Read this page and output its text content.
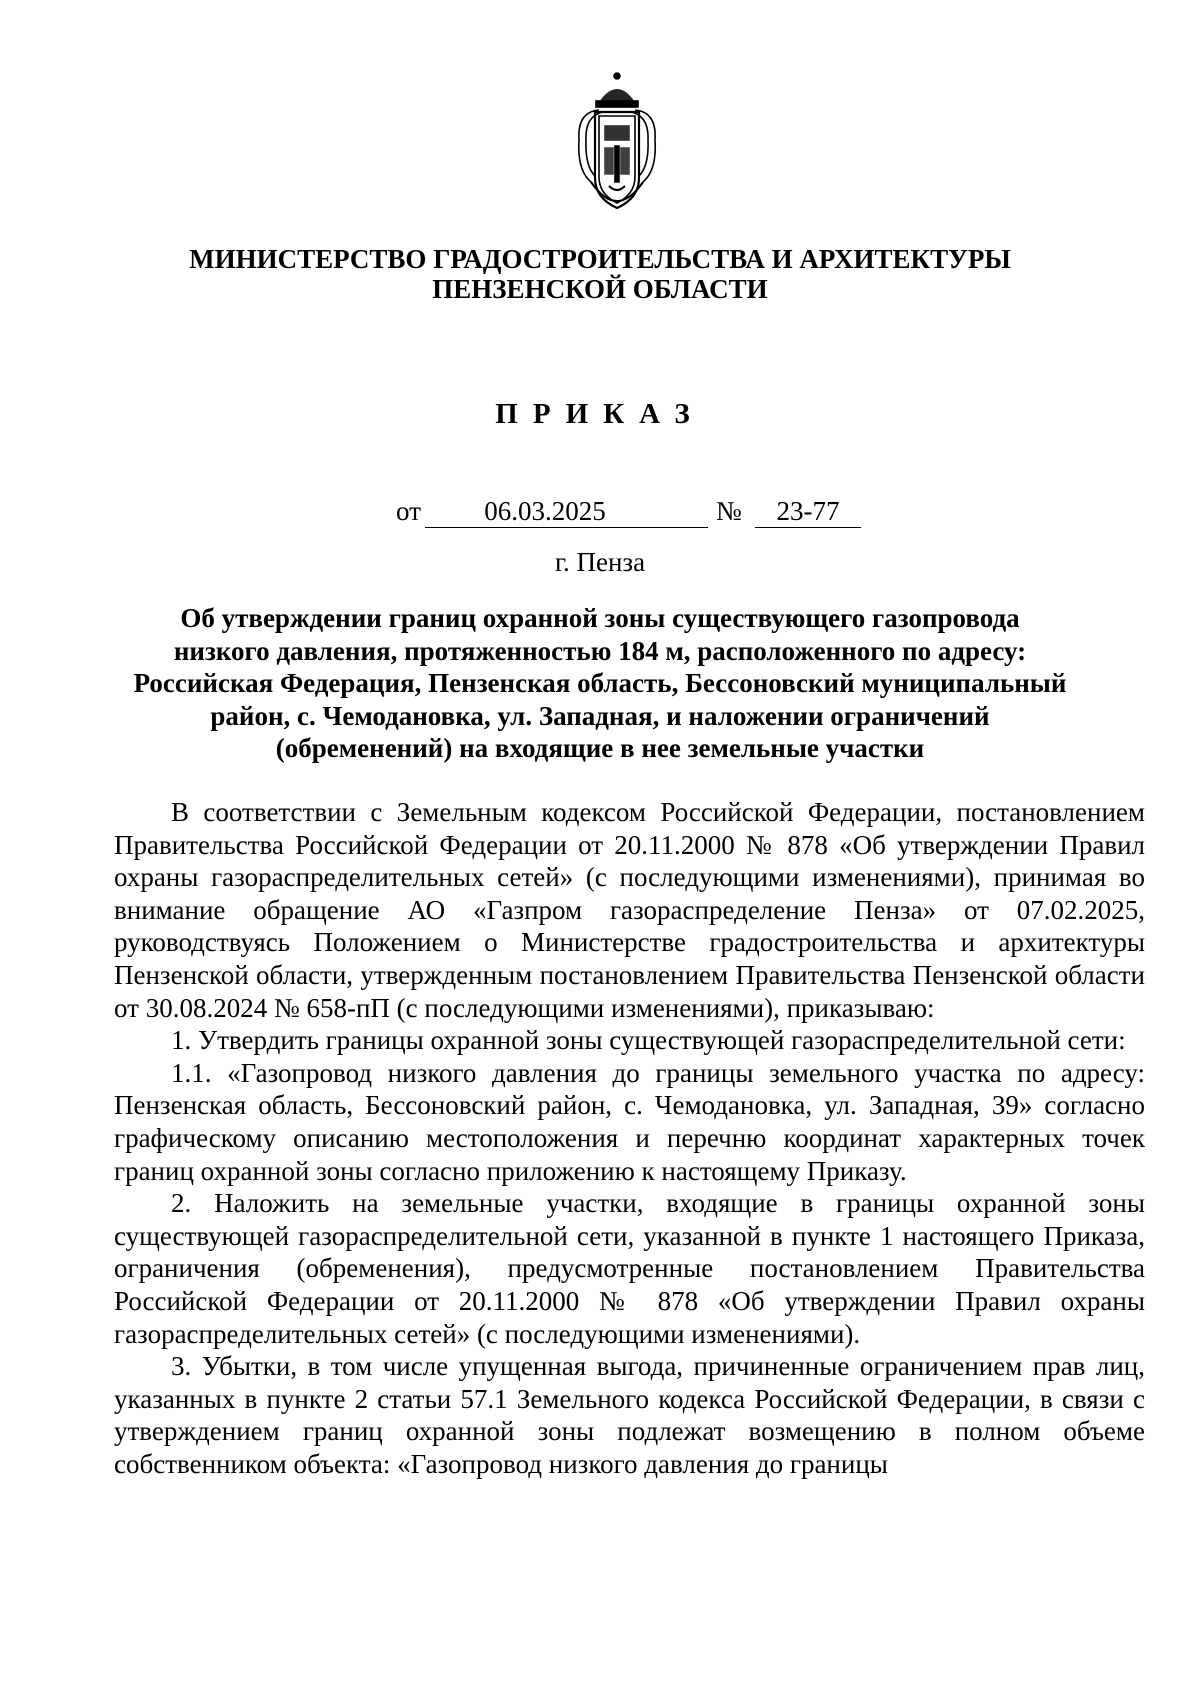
МИНИСТЕРСТВО ГРАДОСТРОИТЕЛЬСТВА И АРХИТЕКТУРЫ
ПЕНЗЕНСКОЙ ОБЛАСТИ
ПРИКАЗ
от	06.03.2025	№	23-77
г. Пенза
Об утверждении границ охранной зоны существующего газопровода низкого давления, протяженностью 184 м, расположенного по адресу: Российская Федерация, Пензенская область, Бессоновский муниципальный район, с. Чемодановка, ул. Западная, и наложении ограничений (обременений) на входящие в нее земельные участки

В соответствии с Земельным кодексом Российской Федерации, постановлением Правительства Российской Федерации от 20.11.2000 № 878 «Об утверждении Правил охраны газораспределительных сетей» (с последующими изменениями), принимая во внимание обращение АО «Газпром газораспределение Пенза» от 07.02.2025, руководствуясь Положением о Министерстве градостроительства и архитектуры Пензенской области, утвержденным постановлением Правительства Пензенской области от 30.08.2024 № 658-пП (с последующими изменениями), приказываю:

1. Утвердить границы охранной зоны существующей газораспределительной сети:

1.1. «Газопровод низкого давления до границы земельного участка по адресу: Пензенская область, Бессоновский район, с. Чемодановка, ул. Западная, 39» согласно графическому описанию местоположения и перечню координат характерных точек границ охранной зоны согласно приложению к настоящему Приказу.

2. Наложить на земельные участки, входящие в границы охранной зоны существующей газораспределительной сети, указанной в пункте 1 настоящего Приказа, ограничения (обременения), предусмотренные постановлением Правительства Российской Федерации от 20.11.2000 № 878 «Об утверждении Правил охраны газораспределительных сетей» (с последующими изменениями).

3. Убытки, в том числе упущенная выгода, причиненные ограничением прав лиц, указанных в пункте 2 статьи 57.1 Земельного кодекса Российской Федерации, в связи с утверждением границ охранной зоны подлежат возмещению в полном объеме собственником объекта: «Газопровод низкого давления до границы
